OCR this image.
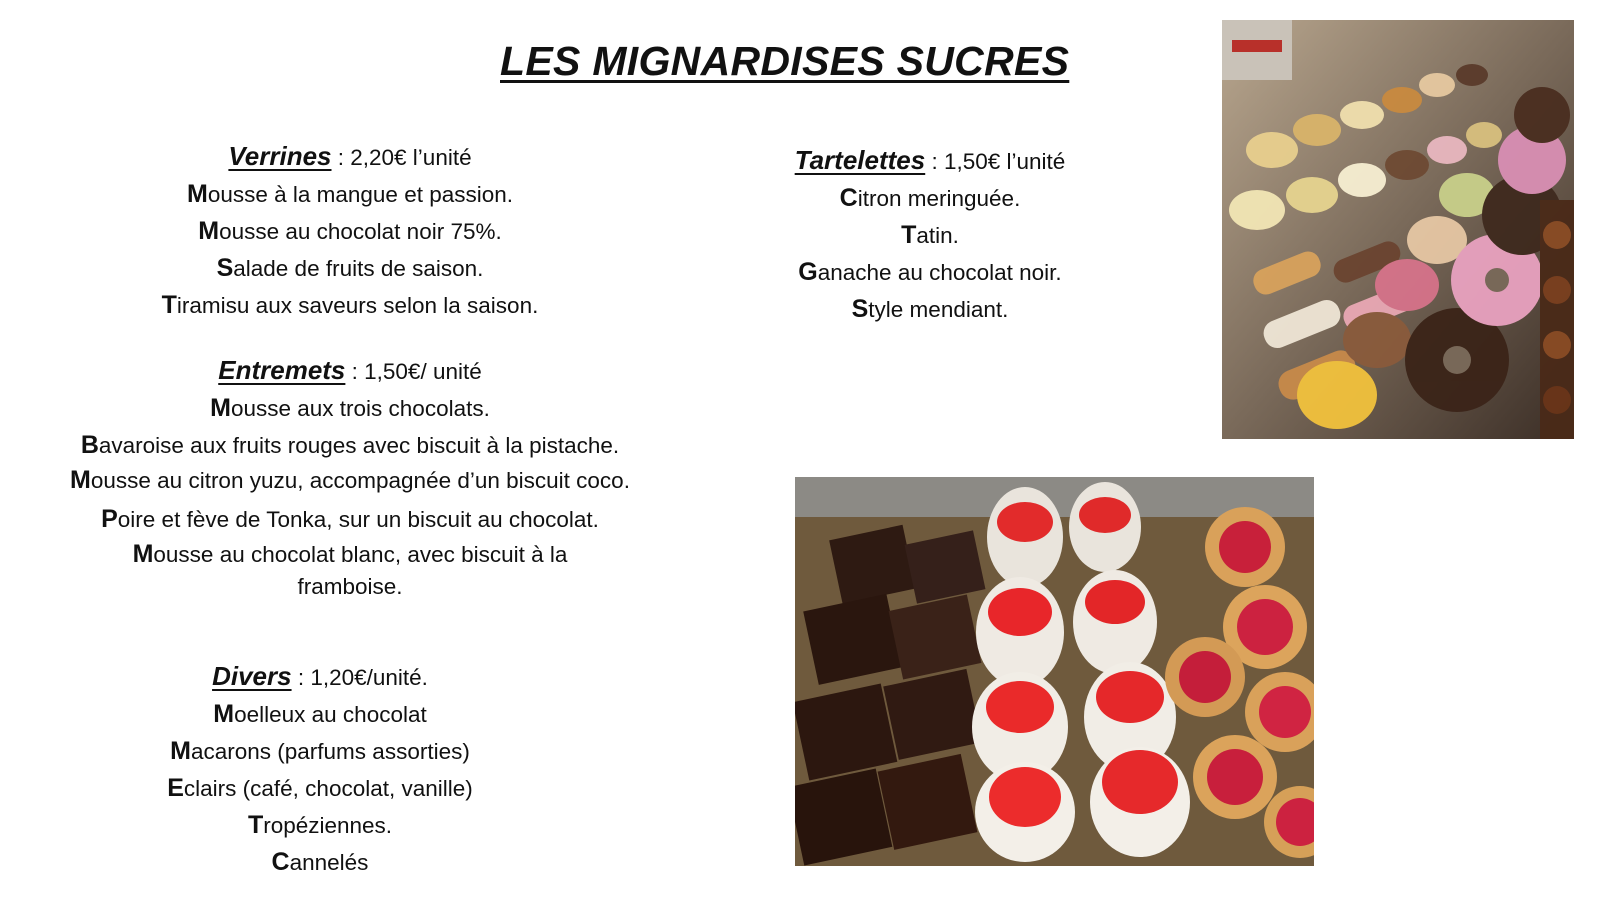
LES MIGNARDISES SUCRES
Verrines : 2,20€ l’unité
Mousse à la mangue et passion.
Mousse au chocolat noir 75%.
Salade de fruits de saison.
Tiramisu aux saveurs selon la saison.
Entremets : 1,50€/ unité
Mousse aux trois chocolats.
Bavaroise aux fruits rouges avec biscuit à la pistache.
Mousse au citron yuzu, accompagnée d’un biscuit coco.
Poire et fève de Tonka, sur un biscuit au chocolat.
Mousse au chocolat blanc, avec biscuit à la framboise.
Divers : 1,20€/unité.
Moelleux au chocolat
Macarons (parfums assorties)
Eclairs (café, chocolat, vanille)
Tropéziennes.
Cannelés
Tartelettes : 1,50€ l’unité
Citron meringuée.
Tatin.
Ganache au chocolat noir.
Style mendiant.
